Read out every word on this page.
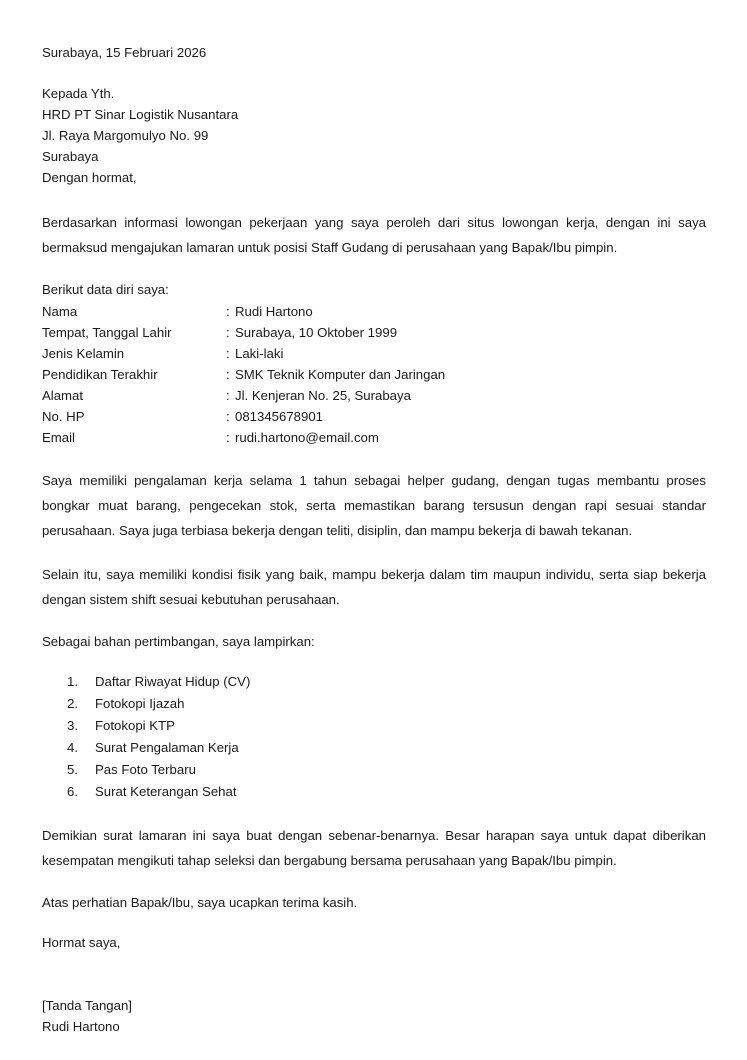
Surabaya, 15 Februari 2026

Kepada Yth.

HRD PT Sinar Logistik Nusantara

Jl. Raya Margomulyo No. 99

Surabaya

Dengan hormat,

Berdasarkan informasi lowongan pekerjaan yang saya peroleh dari situs lowongan kerja, dengan ini saya bermaksud mengajukan lamaran untuk posisi Staff Gudang di perusahaan yang Bapak/Ibu pimpin.

Berikut data diri saya:

Nama	: Rudi Hartono
Tempat, Tanggal Lahir	: Surabaya, 10 Oktober 1999
Jenis Kelamin	: Laki-laki
Pendidikan Terakhir	: SMK Teknik Komputer dan Jaringan
Alamat	: Jl. Kenjeran No. 25, Surabaya
No. HP	: 081345678901
Email	: rudi.hartono@email.com

Saya memiliki pengalaman kerja selama 1 tahun sebagai helper gudang, dengan tugas membantu proses bongkar muat barang, pengecekan stok, serta memastikan barang tersusun dengan rapi sesuai standar perusahaan. Saya juga terbiasa bekerja dengan teliti, disiplin, dan mampu bekerja di bawah tekanan.

Selain itu, saya memiliki kondisi fisik yang baik, mampu bekerja dalam tim maupun individu, serta siap bekerja dengan sistem shift sesuai kebutuhan perusahaan.

Sebagai bahan pertimbangan, saya lampirkan:

1.	Daftar Riwayat Hidup (CV)
2.	Fotokopi Ijazah
3.	Fotokopi KTP
4.	Surat Pengalaman Kerja
5.	Pas Foto Terbaru
6.	Surat Keterangan Sehat

Demikian surat lamaran ini saya buat dengan sebenar-benarnya. Besar harapan saya untuk dapat diberikan kesempatan mengikuti tahap seleksi dan bergabung bersama perusahaan yang Bapak/Ibu pimpin.

Atas perhatian Bapak/Ibu, saya ucapkan terima kasih.

Hormat saya,

[Tanda Tangan]

Rudi Hartono
